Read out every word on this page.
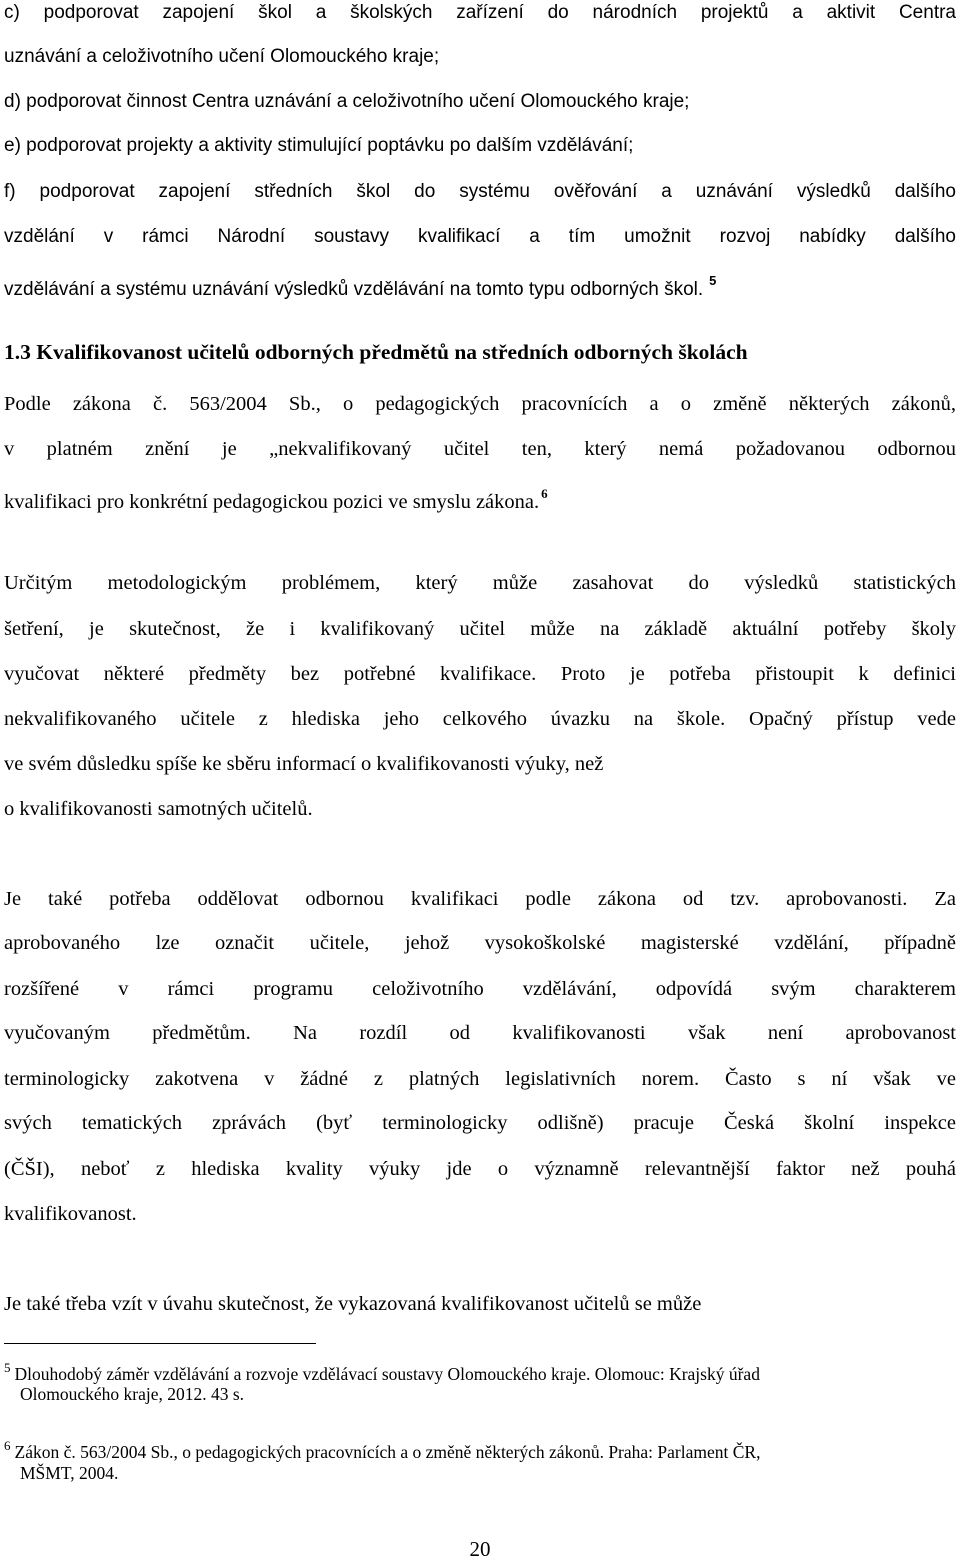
c) podporovat zapojení škol a školských zařízení do národních projektů a aktivit Centra
uznávání a celoživotního učení Olomouckého kraje;
d) podporovat činnost Centra uznávání a celoživotního učení Olomouckého kraje;
e) podporovat projekty a aktivity stimulující poptávku po dalším vzdělávání;
f) podporovat zapojení středních škol do systému ověřování a uznávání výsledků dalšího
vzdělání v rámci Národní soustavy kvalifikací a tím umožnit rozvoj nabídky dalšího
vzdělávání a systému uznávání výsledků vzdělávání na tomto typu odborných škol. $^5$
1.3 Kvalifikovanost učitelů odborných předmětů na středních odborných školách
Podle zákona č. 563/2004 Sb., o pedagogických pracovnících a o změně některých zákonů,
v platném znění je „nekvalifikovaný učitel ten, který nemá požadovanou odbornou
kvalifikaci pro konkrétní pedagogickou pozici ve smyslu zákona. $^6$
Určitým metodologickým problémem, který může zasahovat do výsledků statistických
šetření, je skutečnost, že i kvalifikovaný učitel může na základě aktuální potřeby školy
vyučovat některé předměty bez potřebné kvalifikace. Proto je potřeba přistoupit k definici
nekvalifikovaného učitele z hlediska jeho celkového úvazku na škole. Opačný přístup vede
ve svém důsledku spíše ke sběru informací o kvalifikovanosti výuky, než
o kvalifikovanosti samotných učitelů.
Je také potřeba oddělovat odbornou kvalifikaci podle zákona od tzv. aprobovanosti. Za
aprobovaného lze označit učitele, jehož vysokoškolské magisterské vzdělání, případně
rozšířené v rámci programu celoživotního vzdělávání, odpovídá svým charakterem
vyučovaným předmětům. Na rozdíl od kvalifikovanosti však není aprobovanost
terminologicky zakotvena v žádné z platných legislativních norem. Často s ní však ve
svých tematických zprávách (byť terminologicky odlišně) pracuje Česká školní inspekce
(ČŠI), neboť z hlediska kvality výuky jde o významně relevantnější faktor než pouhá
kvalifikovanost.
Je také třeba vzít v úvahu skutečnost, že vykazovaná kvalifikovanost učitelů se může
$^5$ Dlouhodobý záměr vzdělávání a rozvoje vzdělávací soustavy Olomouckého kraje. Olomouc: Krajský úřad
Olomouckého kraje, 2012. 43 s.
$^6$ Zákon č. 563/2004 Sb., o pedagogických pracovnících a o změně některých zákonů. Praha: Parlament ČR,
MŠMT, 2004.
20
